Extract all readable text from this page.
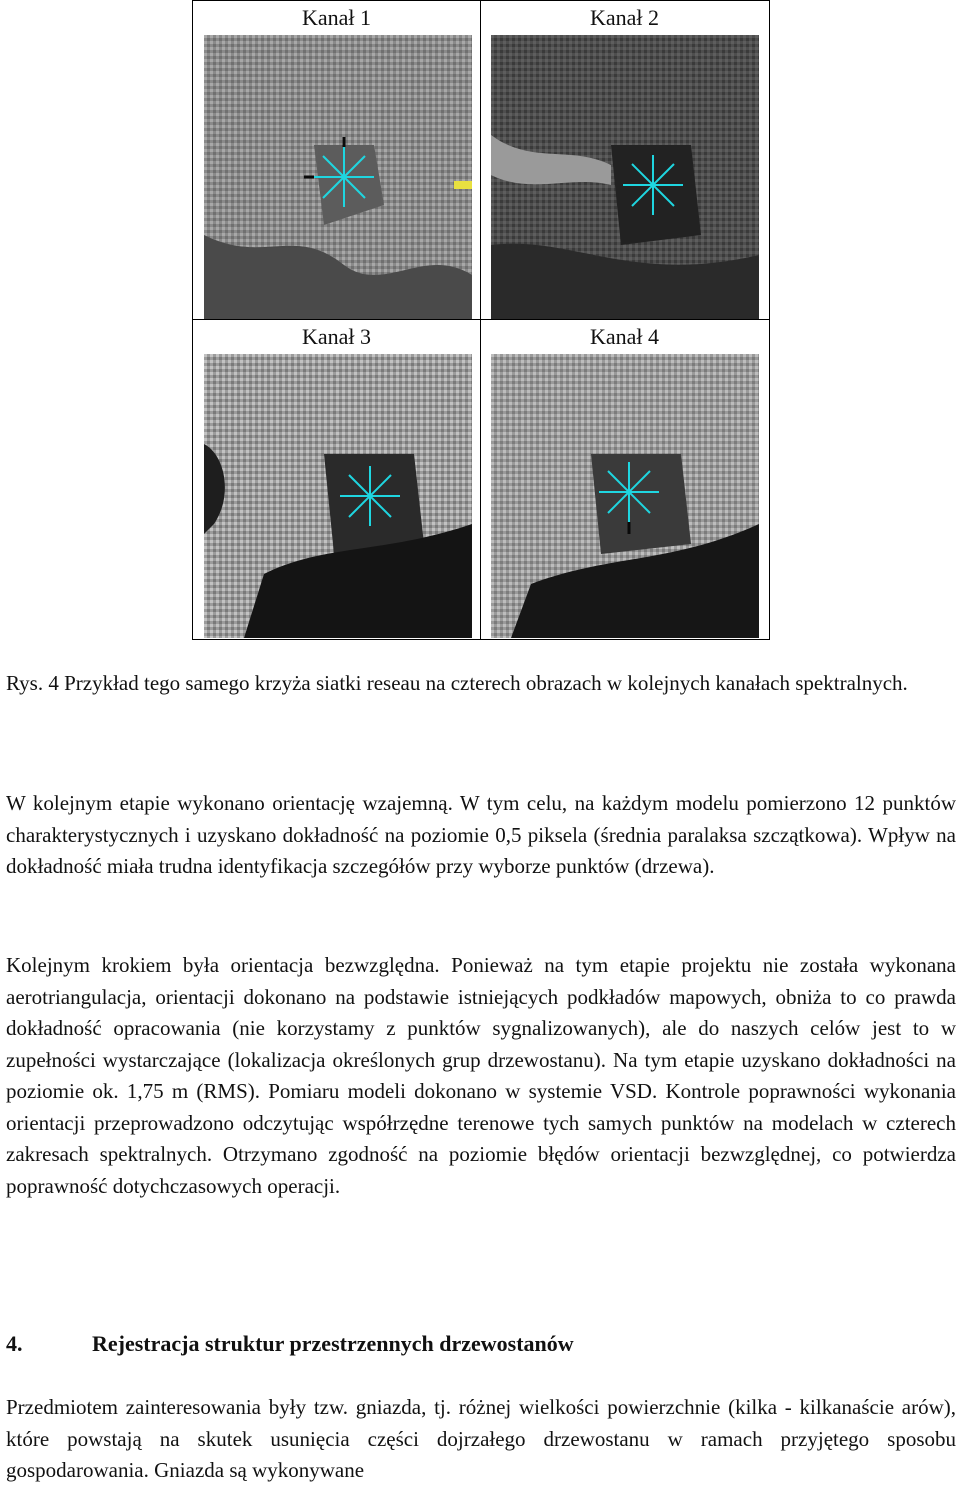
Kanał 1	Kanał 2
Kanał 3	Kanał 4
Rys. 4 Przykład tego samego krzyża siatki reseau na czterech obrazach w kolejnych kanałach spektralnych.
W kolejnym etapie wykonano orientację wzajemną. W tym celu, na każdym modelu pomierzono 12 punktów charakterystycznych i uzyskano dokładność na poziomie 0,5 piksela (średnia paralaksa szczątkowa). Wpływ na dokładność miała trudna identyfikacja szczegółów przy wyborze punktów (drzewa).
Kolejnym krokiem była orientacja bezwzględna. Ponieważ na tym etapie projektu nie została wykonana aerotriangulacja, orientacji dokonano na podstawie istniejących podkładów mapowych, obniża to co prawda dokładność opracowania (nie korzystamy z punktów sygnalizowanych), ale do naszych celów jest to w zupełności wystarczające (lokalizacja określonych grup drzewostanu). Na tym etapie uzyskano dokładności na poziomie ok. 1,75 m (RMS). Pomiaru modeli dokonano w systemie VSD. Kontrole poprawności wykonania orientacji przeprowadzono odczytując współrzędne terenowe tych samych punktów na modelach w czterech zakresach spektralnych. Otrzymano zgodność na poziomie błędów orientacji bezwzględnej, co potwierdza poprawność dotychczasowych operacji.
4.	Rejestracja struktur przestrzennych drzewostanów
Przedmiotem zainteresowania były tzw. gniazda, tj. różnej wielkości powierzchnie (kilka - kilkanaście arów), które powstają na skutek usunięcia części dojrzałego drzewostanu w ramach przyjętego sposobu gospodarowania. Gniazda są wykonywane
